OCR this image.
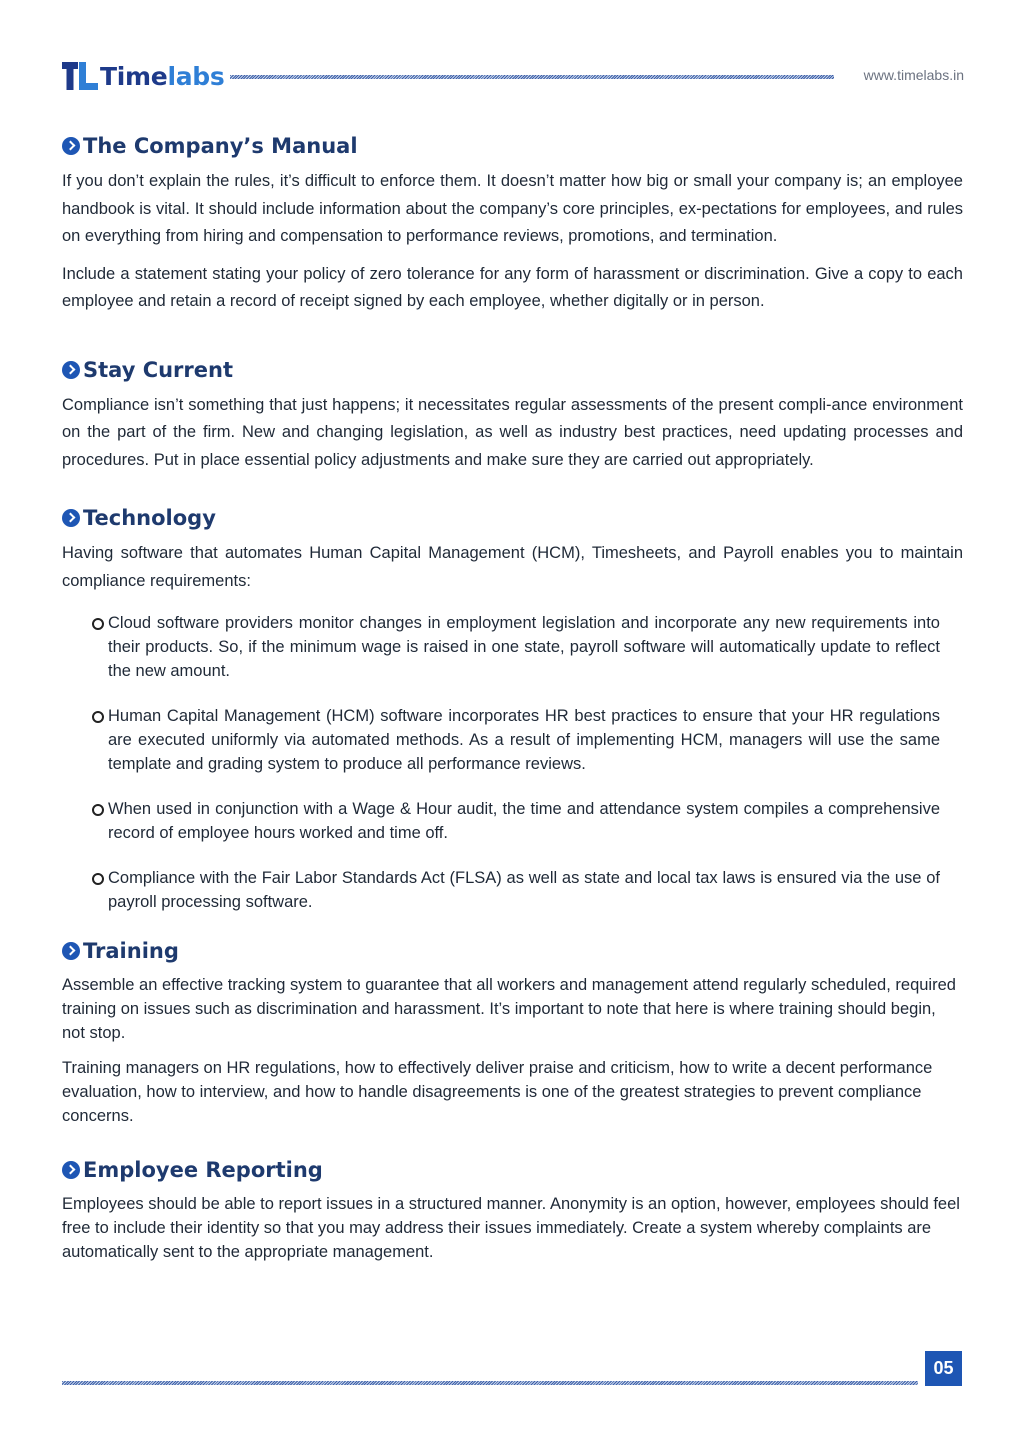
Timelabs	www.timelabs.in
The Company’s Manual

If you don’t explain the rules, it’s difficult to enforce them. It doesn’t matter how big or small your company is; an employee handbook is vital. It should include information about the company’s core principles, ex-pectations for employees, and rules on everything from hiring and compensation to performance reviews, promotions, and termination.

Include a statement stating your policy of zero tolerance for any form of harassment or discrimination. Give a copy to each employee and retain a record of receipt signed by each employee, whether digitally or in person.

Stay Current

Compliance isn’t something that just happens; it necessitates regular assessments of the present compli-ance environment on the part of the firm. New and changing legislation, as well as industry best practices, need updating processes and procedures. Put in place essential policy adjustments and make sure they are carried out appropriately.

Technology

Having software that automates Human Capital Management (HCM), Timesheets, and Payroll enables you to maintain compliance requirements:

Cloud software providers monitor changes in employment legislation and incorporate any new requirements into their products. So, if the minimum wage is raised in one state, payroll software will automatically update to reflect the new amount.
Human Capital Management (HCM) software incorporates HR best practices to ensure that your HR regulations are executed uniformly via automated methods. As a result of implementing HCM, managers will use the same template and grading system to produce all performance reviews.
When used in conjunction with a Wage & Hour audit, the time and attendance system compiles a comprehensive record of employee hours worked and time off.
Compliance with the Fair Labor Standards Act (FLSA) as well as state and local tax laws is ensured via the use of payroll processing software.
Training

Assemble an effective tracking system to guarantee that all workers and management attend regularly scheduled, required training on issues such as discrimination and harassment. It’s important to note that here is where training should begin, not stop.

Training managers on HR regulations, how to effectively deliver praise and criticism, how to write a decent performance evaluation, how to interview, and how to handle disagreements is one of the greatest strategies to prevent compliance concerns.

Employee Reporting

Employees should be able to report issues in a structured manner. Anonymity is an option, however, employees should feel free to include their identity so that you may address their issues immediately. Create a system whereby complaints are automatically sent to the appropriate management.

05
